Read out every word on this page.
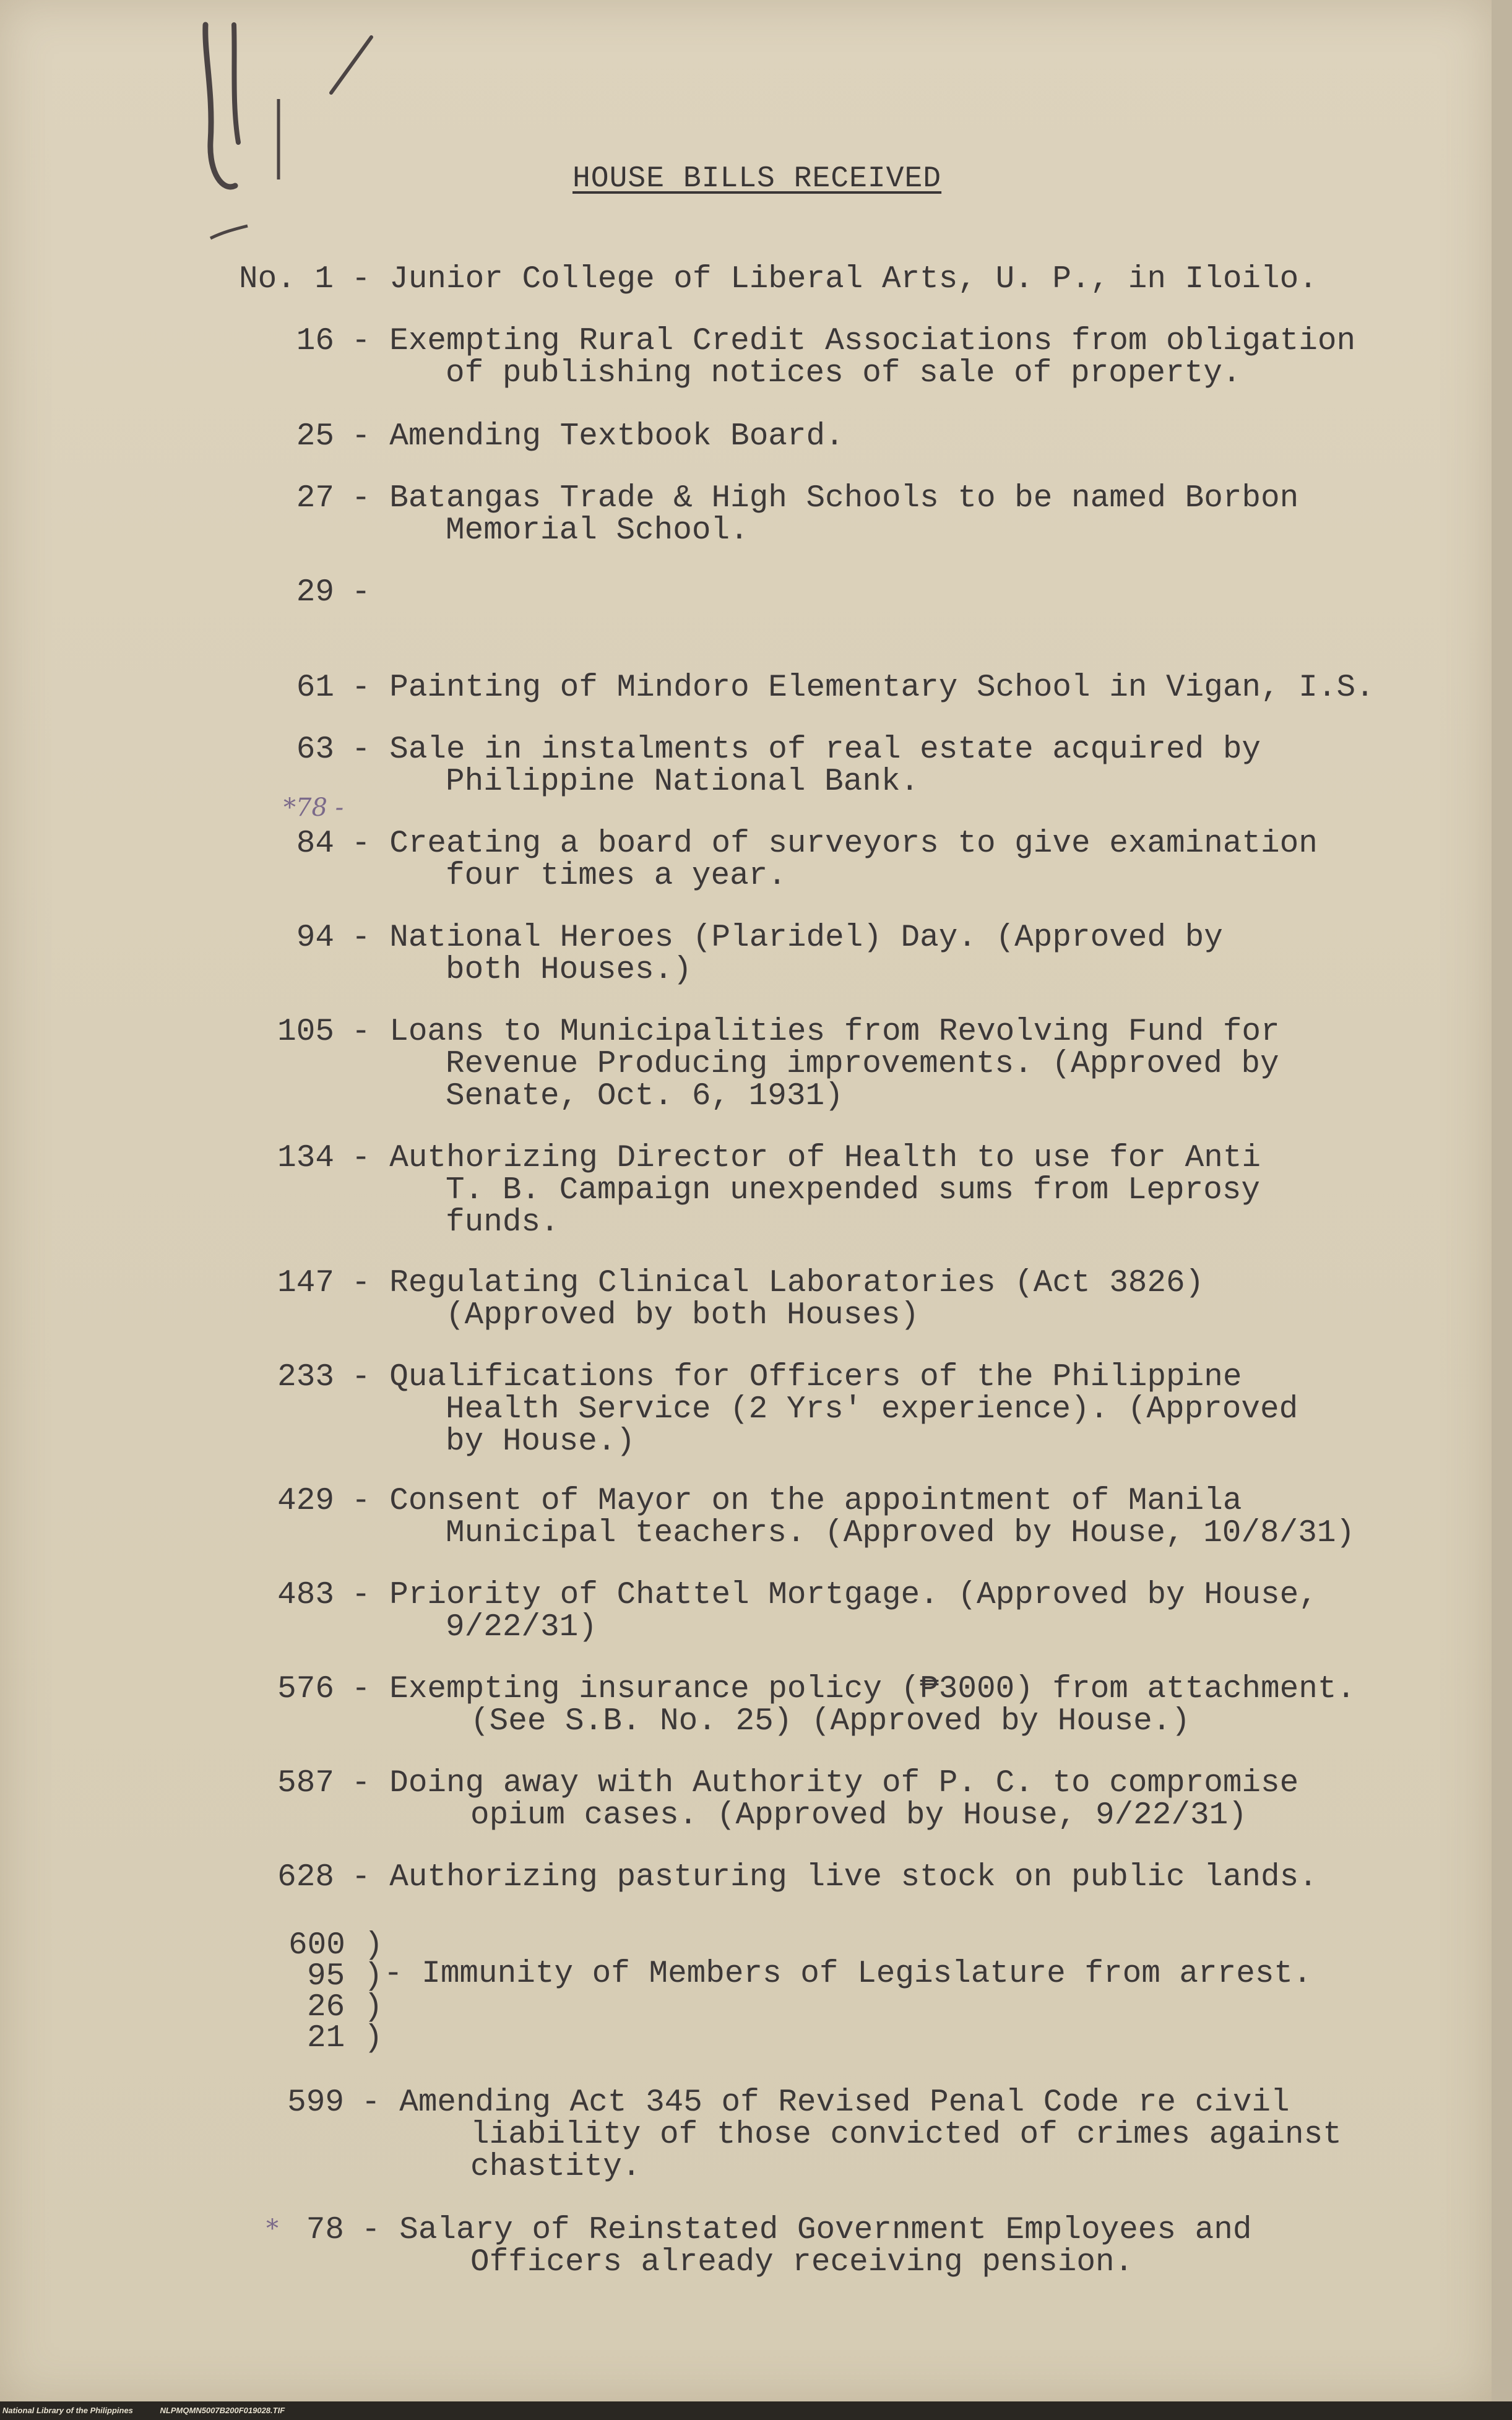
HOUSE BILLS RECEIVED
No. 1 - Junior College of Liberal Arts, U. P., in Iloilo.
16 - Exempting Rural Credit Associations from obligation
of publishing notices of sale of property.
25 - Amending Textbook Board.
27 - Batangas Trade & High Schools to be named Borbon
Memorial School.
29 -
61 - Painting of Mindoro Elementary School in Vigan, I.S.
63 - Sale in instalments of real estate acquired by
Philippine National Bank.
*78 -
84 - Creating a board of surveyors to give examination
four times a year.
94 - National Heroes (Plaridel) Day. (Approved by
both Houses.)
105 - Loans to Municipalities from Revolving Fund for
Revenue Producing improvements. (Approved by
Senate, Oct. 6, 1931)
134 - Authorizing Director of Health to use for Anti
T. B. Campaign unexpended sums from Leprosy
funds.
147 - Regulating Clinical Laboratories (Act 3826)
(Approved by both Houses)
233 - Qualifications for Officers of the Philippine
Health Service (2 Yrs' experience). (Approved
by House.)
429 - Consent of Mayor on the appointment of Manila
Municipal teachers. (Approved by House, 10/8/31)
483 - Priority of Chattel Mortgage. (Approved by House,
9/22/31)
576 - Exempting insurance policy (₱3000) from attachment.
(See S.B. No. 25) (Approved by House.)
587 - Doing away with Authority of P. C. to compromise
opium cases. (Approved by House, 9/22/31)
628 - Authorizing pasturing live stock on public lands.
600 )
95 ) - Immunity of Members of Legislature from arrest.
26 )
21 )
599 - Amending Act 345 of Revised Penal Code re civil
liability of those convicted of crimes against
chastity.
* 78 - Salary of Reinstated Government Employees and
Officers already receiving pension.
National Library of the Philippines	NLPMQMN5007B200F019028.TIF
